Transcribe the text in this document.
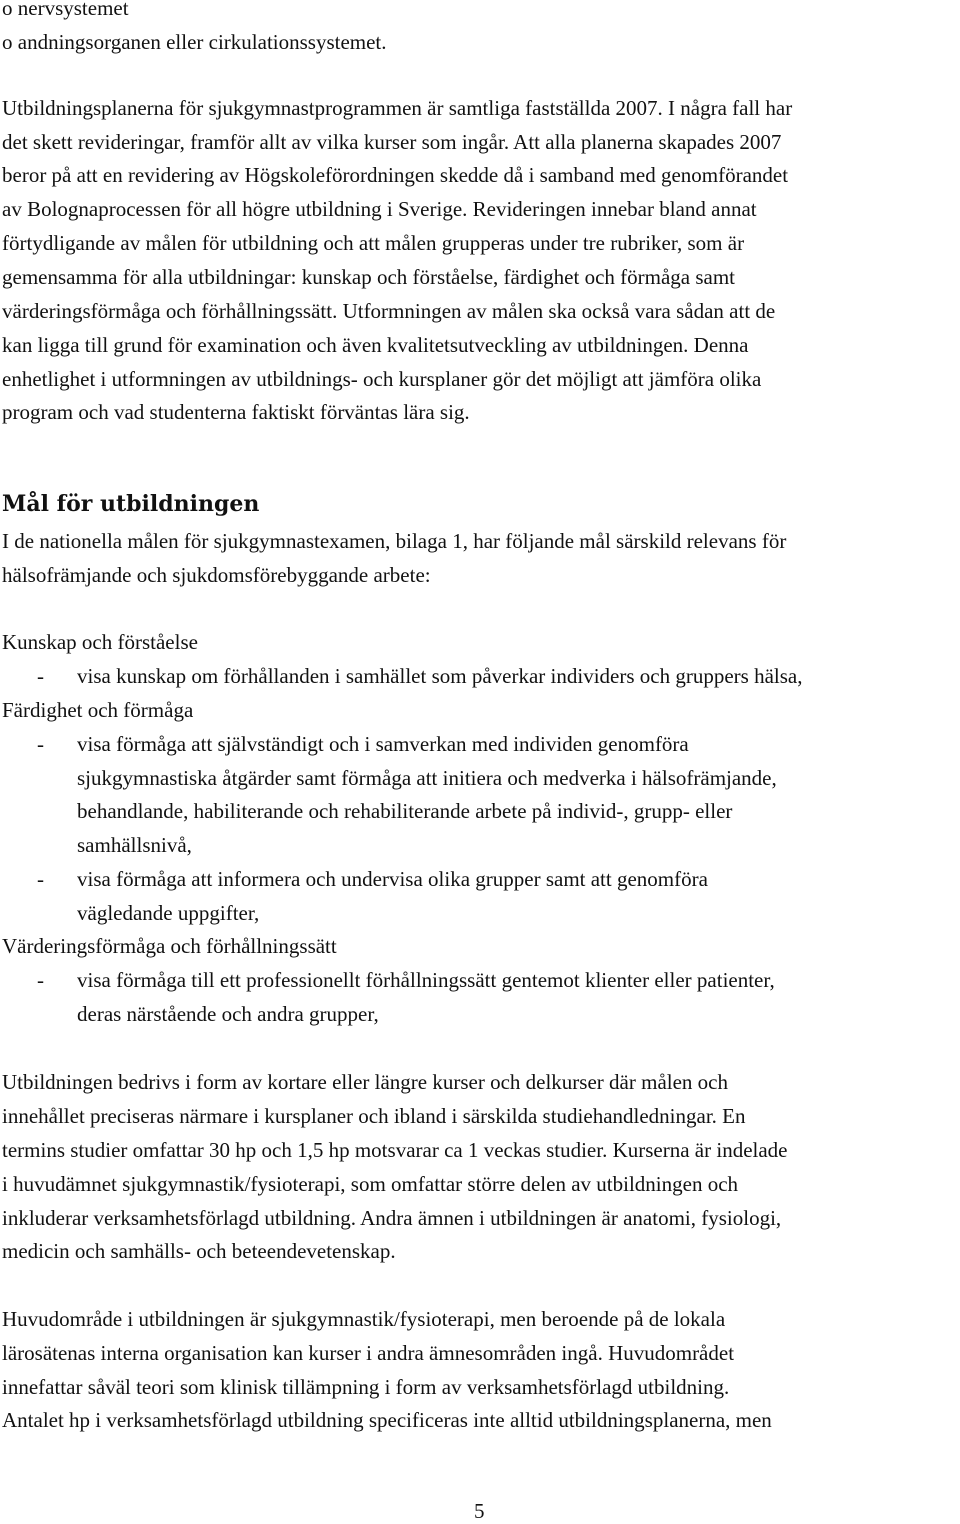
o nervsystemet
o andningsorganen eller cirkulationssystemet.
Utbildningsplanerna för sjukgymnastprogrammen är samtliga fastställda 2007. I några fall har
det skett revideringar, framför allt av vilka kurser som ingår. Att alla planerna skapades 2007
beror på att en revidering av Högskoleförordningen skedde då i samband med genomförandet
av Bolognaprocessen för all högre utbildning i Sverige. Revideringen innebar bland annat
förtydligande av målen för utbildning och att målen grupperas under tre rubriker, som är
gemensamma för alla utbildningar: kunskap och förståelse, färdighet och förmåga samt
värderingsförmåga och förhållningssätt. Utformningen av målen ska också vara sådan att de
kan ligga till grund för examination och även kvalitetsutveckling av utbildningen. Denna
enhetlighet i utformningen av utbildnings- och kursplaner gör det möjligt att jämföra olika
program och vad studenterna faktiskt förväntas lära sig.
Mål för utbildningen
I de nationella målen för sjukgymnastexamen, bilaga 1, har följande mål särskild relevans för
hälsofrämjande och sjukdomsförebyggande arbete:
Kunskap och förståelse
- visa kunskap om förhållanden i samhället som påverkar individers och gruppers hälsa,
Färdighet och förmåga
- visa förmåga att självständigt och i samverkan med individen genomföra
sjukgymnastiska åtgärder samt förmåga att initiera och medverka i hälsofrämjande,
behandlande, habiliterande och rehabiliterande arbete på individ-, grupp- eller
samhällsnivå,
- visa förmåga att informera och undervisa olika grupper samt att genomföra
vägledande uppgifter,
Värderingsförmåga och förhållningssätt
- visa förmåga till ett professionellt förhållningssätt gentemot klienter eller patienter,
deras närstående och andra grupper,
Utbildningen bedrivs i form av kortare eller längre kurser och delkurser där målen och
innehållet preciseras närmare i kursplaner och ibland i särskilda studiehandledningar. En
termins studier omfattar 30 hp och 1,5 hp motsvarar ca 1 veckas studier. Kurserna är indelade
i huvudämnet sjukgymnastik/fysioterapi, som omfattar större delen av utbildningen och
inkluderar verksamhetsförlagd utbildning. Andra ämnen i utbildningen är anatomi, fysiologi,
medicin och samhälls- och beteendevetenskap.
Huvudområde i utbildningen är sjukgymnastik/fysioterapi, men beroende på de lokala
lärosätenas interna organisation kan kurser i andra ämnesområden ingå. Huvudområdet
innefattar såväl teori som klinisk tillämpning i form av verksamhetsförlagd utbildning.
Antalet hp i verksamhetsförlagd utbildning specificeras inte alltid utbildningsplanerna, men
5
